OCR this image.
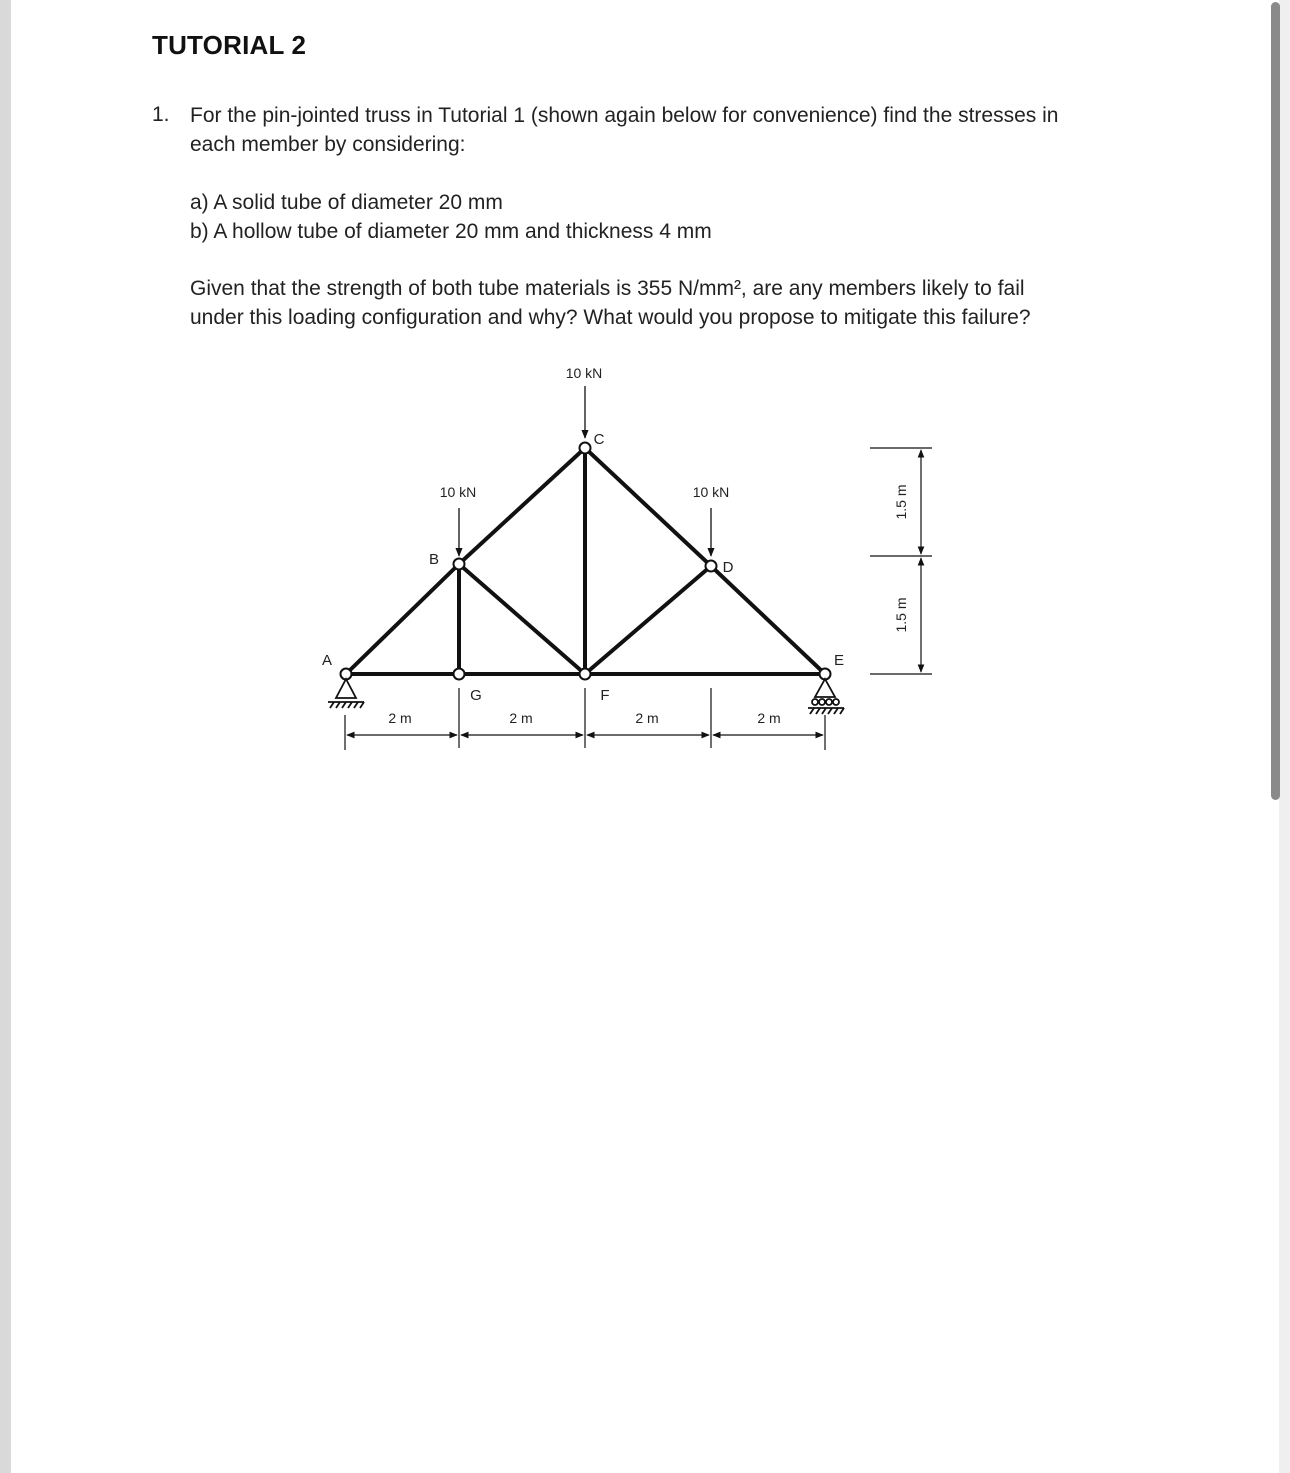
TUTORIAL 2
1. For the pin-jointed truss in Tutorial 1 (shown again below for convenience) find the stresses in
each member by considering:
a) A solid tube of diameter 20 mm
b) A hollow tube of diameter 20 mm and thickness 4 mm
Given that the strength of both tube materials is 355 N/mm², are any members likely to fail
under this loading configuration and why? What would you propose to mitigate this failure?
10 kN
10 kN	10 kN
A
B
C
D
E
F
G
2 m	2 m	2 m	2 m
1.5 m
1.5 m
